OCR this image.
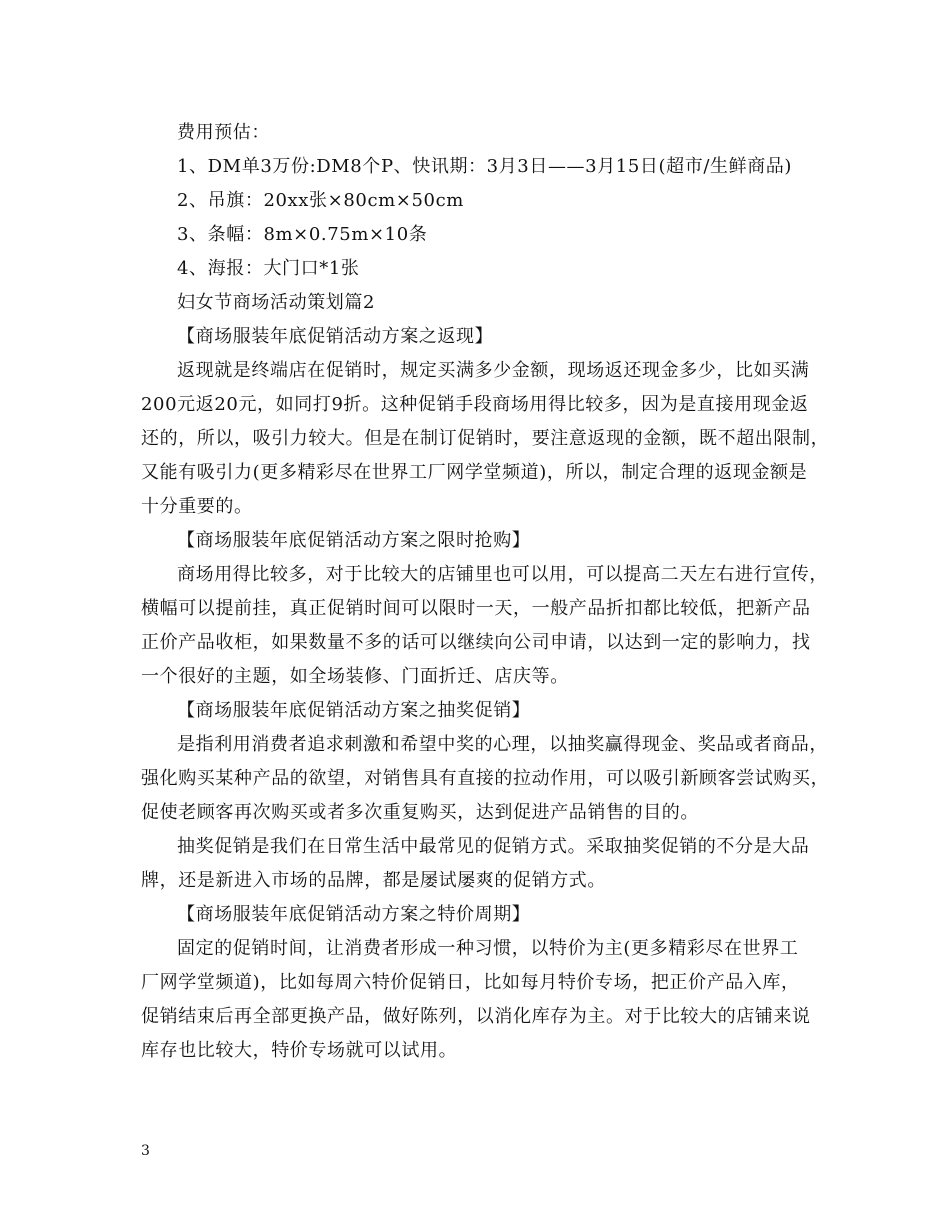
费用预估：
1、DM单3万份:DM8个P、快讯期：3月3日——3月15日(超市/生鲜商品)
2、吊旗：20xx张×80cm×50cm
3、条幅：8m×0.75m×10条
4、海报：大门口*1张
妇女节商场活动策划篇2
【商场服装年底促销活动方案之返现】
返现就是终端店在促销时，规定买满多少金额，现场返还现金多少，比如买满
200元返20元，如同打9折。这种促销手段商场用得比较多，因为是直接用现金返
还的，所以，吸引力较大。但是在制订促销时，要注意返现的金额，既不超出限制，
又能有吸引力(更多精彩尽在世界工厂网学堂频道)，所以，制定合理的返现金额是
十分重要的。
【商场服装年底促销活动方案之限时抢购】
商场用得比较多，对于比较大的店铺里也可以用，可以提高二天左右进行宣传，
横幅可以提前挂，真正促销时间可以限时一天，一般产品折扣都比较低，把新产品
正价产品收柜，如果数量不多的话可以继续向公司申请，以达到一定的影响力，找
一个很好的主题，如全场装修、门面折迁、店庆等。
【商场服装年底促销活动方案之抽奖促销】
是指利用消费者追求刺激和希望中奖的心理，以抽奖赢得现金、奖品或者商品，
强化购买某种产品的欲望，对销售具有直接的拉动作用，可以吸引新顾客尝试购买，
促使老顾客再次购买或者多次重复购买，达到促进产品销售的目的。
抽奖促销是我们在日常生活中最常见的促销方式。采取抽奖促销的不分是大品
牌，还是新进入市场的品牌，都是屡试屡爽的促销方式。
【商场服装年底促销活动方案之特价周期】
固定的促销时间，让消费者形成一种习惯，以特价为主(更多精彩尽在世界工
厂网学堂频道)，比如每周六特价促销日，比如每月特价专场，把正价产品入库，
促销结束后再全部更换产品，做好陈列，以消化库存为主。对于比较大的店铺来说
库存也比较大，特价专场就可以试用。
3
